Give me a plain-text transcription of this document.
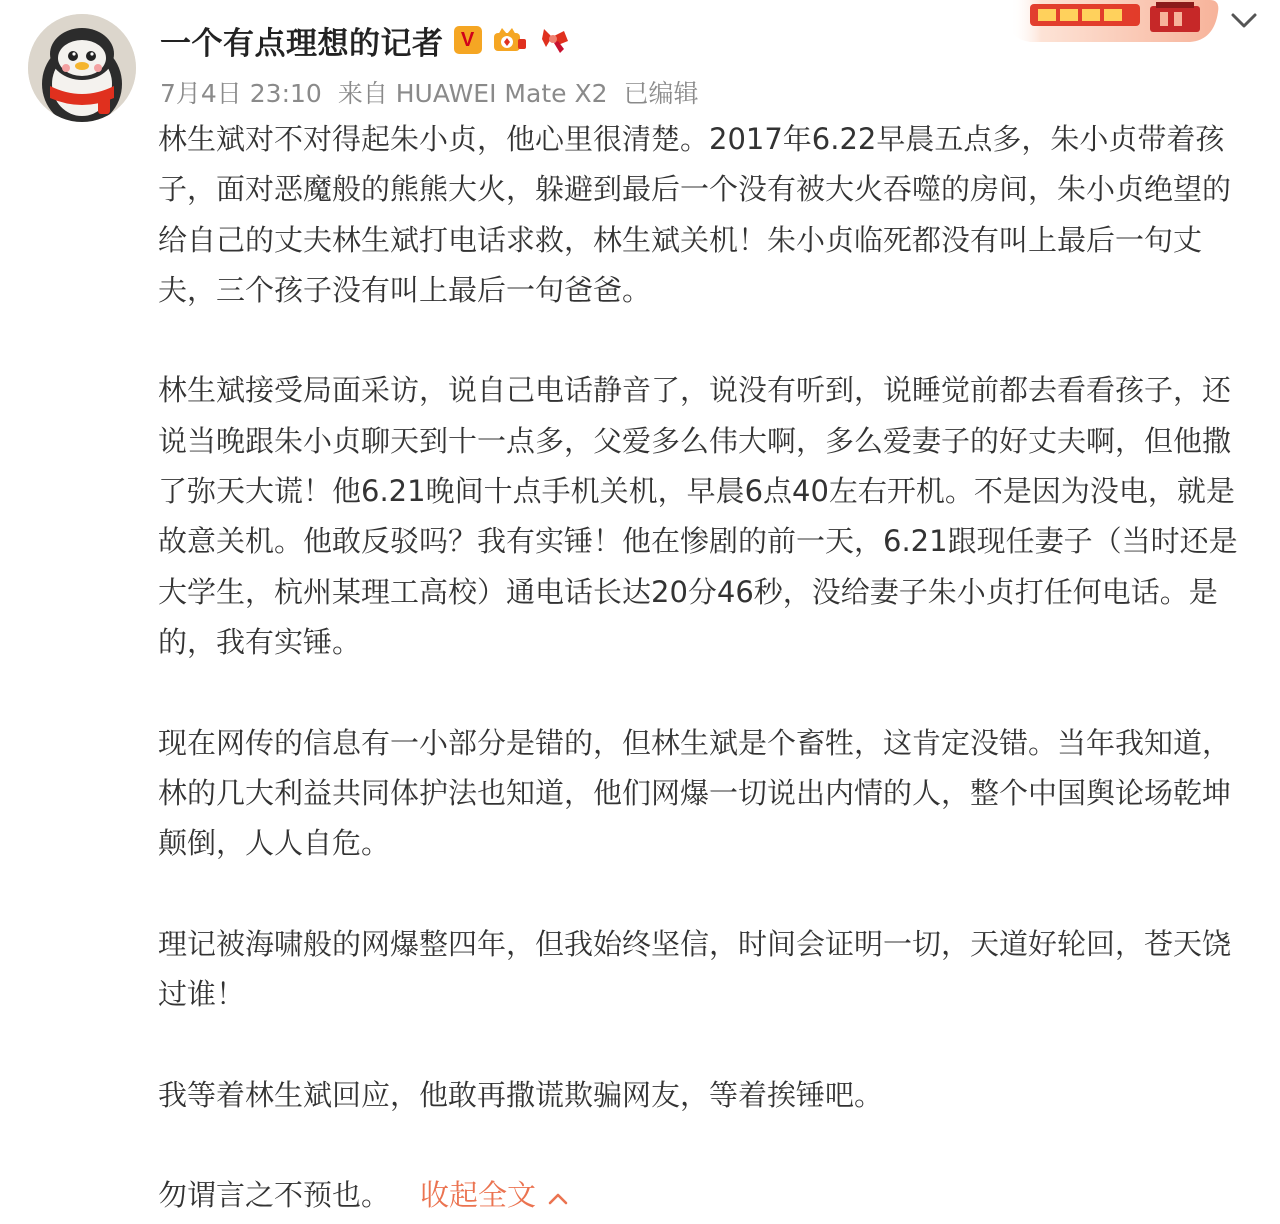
一个有点理想的记者 V
7月4日 23:10 来自 HUAWEI Mate X2 已编辑

林生斌对不对得起朱小贞，他心里很清楚。2017年6.22早晨五点多，朱小贞带着孩子，面对恶魔般的熊熊大火，躲避到最后一个没有被大火吞噬的房间，朱小贞绝望的给自己的丈夫林生斌打电话求救，林生斌关机！朱小贞临死都没有叫上最后一句丈夫，三个孩子没有叫上最后一句爸爸。

林生斌接受局面采访，说自己电话静音了，说没有听到，说睡觉前都去看看孩子，还说当晚跟朱小贞聊天到十一点多，父爱多么伟大啊，多么爱妻子的好丈夫啊，但他撒了弥天大谎！他6.21晚间十点手机关机，早晨6点40左右开机。不是因为没电，就是故意关机。他敢反驳吗？我有实锤！他在惨剧的前一天，6.21跟现任妻子（当时还是大学生，杭州某理工高校）通电话长达20分46秒，没给妻子朱小贞打任何电话。是的，我有实锤。

现在网传的信息有一小部分是错的，但林生斌是个畜牲，这肯定没错。当年我知道，林的几大利益共同体护法也知道，他们网爆一切说出内情的人，整个中国舆论场乾坤颠倒，人人自危。

理记被海啸般的网爆整四年，但我始终坚信，时间会证明一切，天道好轮回，苍天饶过谁！

我等着林生斌回应，他敢再撒谎欺骗网友，等着挨锤吧。

勿谓言之不预也。 收起全文
